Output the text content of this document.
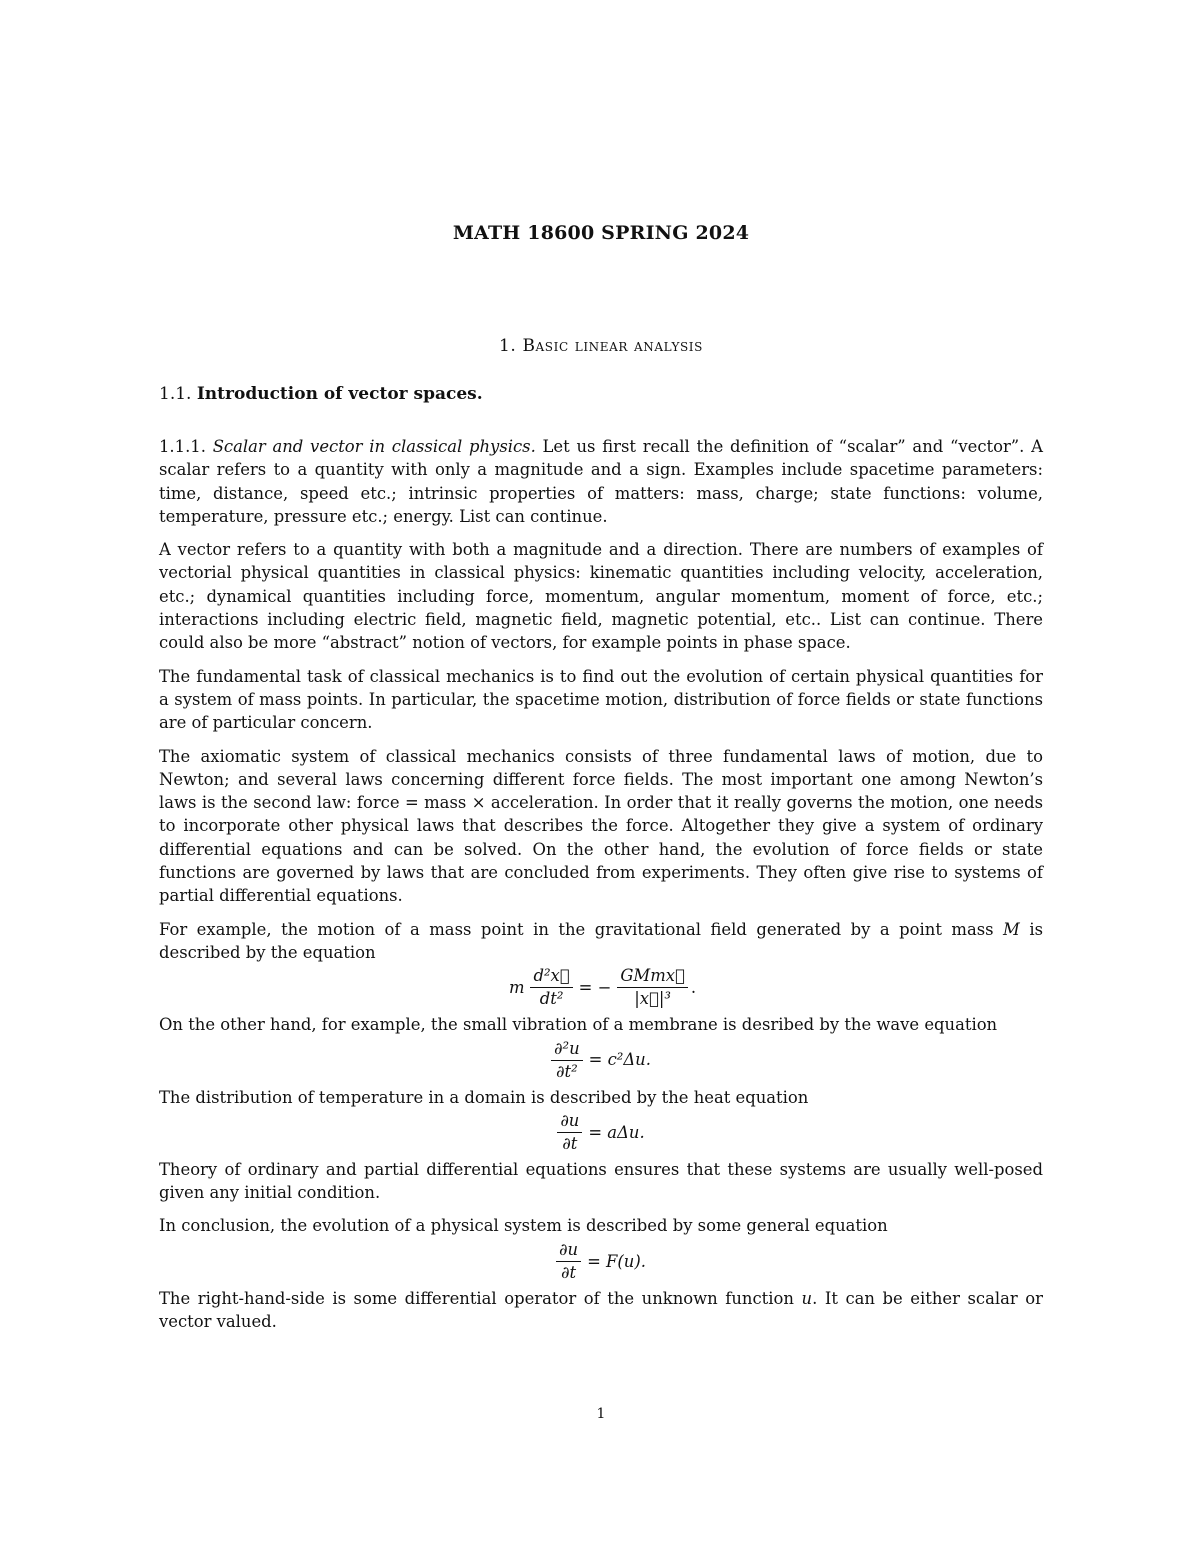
MATH 18600 SPRING 2024
1. Basic linear analysis
1.1. Introduction of vector spaces.

1.1.1. Scalar and vector in classical physics. Let us first recall the definition of “scalar” and “vector”. A scalar refers to a quantity with only a magnitude and a sign. Examples include spacetime parameters: time, distance, speed etc.; intrinsic properties of matters: mass, charge; state functions: volume, temperature, pressure etc.; energy. List can continue.

A vector refers to a quantity with both a magnitude and a direction. There are numbers of examples of vectorial physical quantities in classical physics: kinematic quantities including velocity, acceleration, etc.; dynamical quantities including force, momentum, angular momentum, moment of force, etc.; interactions including electric field, magnetic field, magnetic potential, etc.. List can continue. There could also be more “abstract” notion of vectors, for example points in phase space.

The fundamental task of classical mechanics is to find out the evolution of certain physical quantities for a system of mass points. In particular, the spacetime motion, distribution of force fields or state functions are of particular concern.

The axiomatic system of classical mechanics consists of three fundamental laws of motion, due to Newton; and several laws concerning different force fields. The most important one among Newton’s laws is the second law: force = mass × acceleration. In order that it really governs the motion, one needs to incorporate other physical laws that describes the force. Altogether they give a system of ordinary differential equations and can be solved. On the other hand, the evolution of force fields or state functions are governed by laws that are concluded from experiments. They often give rise to systems of partial differential equations.

For example, the motion of a mass point in the gravitational field generated by a point mass M is described by the equation

m $\frac{\text{d²x⃗}}{\text{dt²}}$ = − $\frac{\text{GMmx⃗}}{\text{|x⃗|³}}$ .

On the other hand, for example, the small vibration of a membrane is desribed by the wave equation

$\frac{\text{∂²u}}{\text{∂t²}} = c^2\Delta u$.

The distribution of temperature in a domain is described by the heat equation

$\frac{\partial u}{\partial t} = a\Delta u$.

Theory of ordinary and partial differential equations ensures that these systems are usually well-posed given any initial condition.

In conclusion, the evolution of a physical system is described by some general equation

$\frac{\partial u}{\partial t} = F(u)$.

The right-hand-side is some differential operator of the unknown function u. It can be either scalar or vector valued.

1
